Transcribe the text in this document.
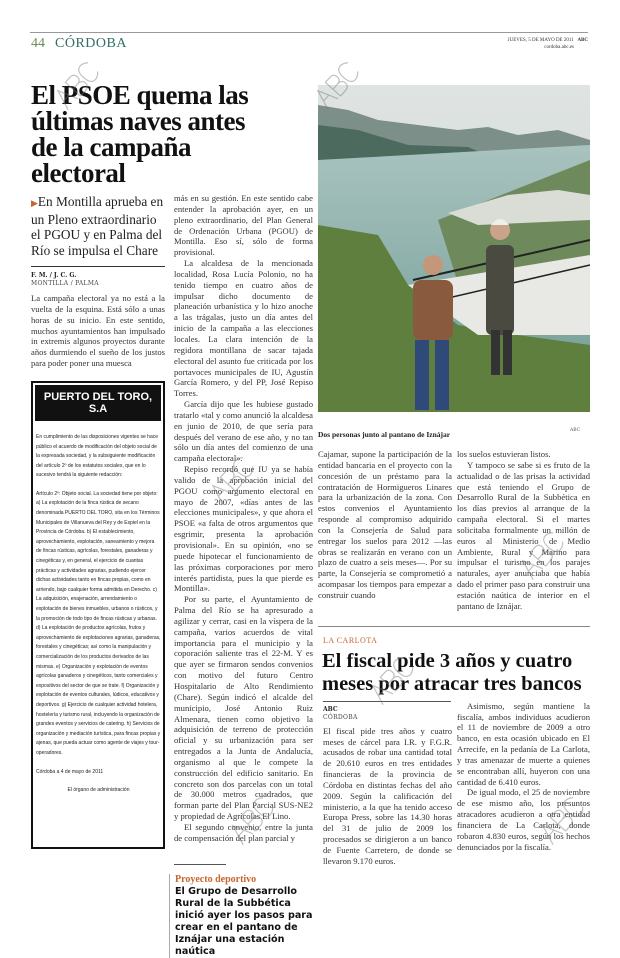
44 CÓRDOBA	JUEVES, 5 DE MAYO DE 2011 ABC
cordoba.abc.es
El PSOE quema las últimas naves antes de la campaña electoral
▶En Montilla aprueba en un Pleno extraordinario el PGOU y en Palma del Río se impulsa el Chare
F. M. / J. C. G.
MONTILLA / PALMA

La campaña electoral ya no está a la vuelta de la esquina. Está sólo a unas horas de su inicio. En este sentido, muchos ayuntamientos han impulsado in extremis algunos proyectos durante años durmiendo el sueño de los justos para poder poner una muesca

PUERTO DEL TORO, S.A

En cumplimiento de las disposiciones vigentes se hace público el acuerdo de modificación del objeto social de la expresada sociedad, y la subsiguiente modificación del artículo 2º de los estatutos sociales, que en lo sucesivo tendrá la siguiente redacción:

Artículo 2º: Objeto social. La sociedad tiene por objeto: a) La explotación de la finca rústica de secano denominada PUERTO DEL TORO, sita en los Términos Municipales de Villanueva del Rey y de Espiel en la Provincia de Córdoba. b) El establecimiento, aprovechamiento, explotación, saneamiento y mejora de fincas rústicas, agrícolas, forestales, ganaderas y cinegéticas y, en general, el ejercicio de cuantas prácticas y actividades agrarias, pudiendo ejercer dichas actividades tanto en fincas propias, como en arriendo, bajo cualquier forma admitida en Derecho. c) La adquisición, enajenación, arrendamiento o explotación de bienes inmuebles, urbanos o rústicos, y la promoción de todo tipo de fincas rústicas y urbanas. d) La explotación de productos agrícolas, frutos y aprovechamiento de explotaciones agrarias, ganaderas, forestales y cinegéticas; así como la manipulación y comercialización de los productos derivados de las mismas. e) Organización y explotación de eventos agrícolas ganaderos y cinegéticos, tanto comerciales y expositivos del sector de que se trate. f) Organización y explotación de eventos culturales, lúdicos, educativos y deportivos. g) Ejercicio de cualquier actividad hotelera, hostelería y turismo rural, incluyendo la organización de grandes eventos y servicios de catering. h) Servicios de organización y mediación turística, para fincas propias y ajenas, que pueda actuar como agente de viajes y tour-operadores.

Córdoba a 4 de mayo de 2011

El órgano de administración

más en su gestión. En este sentido cabe entender la aprobación ayer, en un pleno extraordinario, del Plan General de Ordenación Urbana (PGOU) de Montilla. Eso sí, sólo de forma provisional.

La alcaldesa de la mencionada localidad, Rosa Lucía Polonio, no ha tenido tiempo en cuatro años de impulsar dicho documento de planeación urbanística y lo hizo anoche a las trágalas, justo un día antes del inicio de la campaña a las elecciones locales. La clara intención de la regidora montillana de sacar tajada electoral del asunto fue criticada por los portavoces municipales de IU, Agustín García Romero, y del PP, José Repiso Torres.

García dijo que les hubiese gustado tratarlo «tal y como anunció la alcaldesa en junio de 2010, de que sería para después del verano de ese año, y no tan sólo un día antes del comienzo de una campaña electoral».

Repiso recordó que IU ya se había valido de la aprobación inicial del PGOU como argumento electoral en mayo de 2007, «días antes de las elecciones municipales», y que ahora el PSOE «a falta de otros argumentos que esgrimir, presenta la aprobación provisional». En su opinión, «no se puede hipotecar el funcionamiento de las próximas corporaciones por mero interés partidista, pues la que pierde es Montilla».

Por su parte, el Ayuntamiento de Palma del Río se ha apresurado a agilizar y cerrar, casi en la víspera de la campaña, varios acuerdos de vital importancia para el municipio y la coporación saliente tras el 22-M. Y es que ayer se firmaron sendos convenios con motivo del futuro Centro Hospitalario de Alto Rendimiento (Chare). Según indicó el alcalde del municipio, José Antonio Ruiz Almenara, tienen como objetivo la adquisición de terreno de protección oficial y su urbanización para ser entregados a la Junta de Andalucía, organismo al que le compete la construcción del edificio sanitario. En concreto son dos parcelas con un total de 30.000 metros cuadrados, que forman parte del Plan Parcial SUS-NE2 y propiedad de Agrícolas El Lino.

El segundo convenio, entre la junta de compensación del plan parcial y

Proyecto deportivo
El Grupo de Desarrollo Rural de la Subbética inició ayer los pasos para crear en el pantano de Iznájar una estación naútica
Dos personas junto al pantano de Iznájar	ABC

Cajamar, supone la participación de la entidad bancaria en el proyecto con la concesión de un préstamo para la contratación de Hormigueros Linares para la urbanización de la zona. Con estos convenios el Ayuntamiento responde al compromiso adquirido con la Consejería de Salud para entregar los suelos para 2012 —las obras se realizarán en verano con un plazo de cuatro a seis meses—. Por su parte, la Consejería se comprometió a acompasar los tiempos para empezar a construir cuando

los suelos estuvieran listos.

Y tampoco se sabe si es fruto de la actualidad o de las prisas la actividad que está teniendo el Grupo de Desarrollo Rural de la Subbética en los días previos al arranque de la campaña electoral. Si el martes solicitaba formalmente un millón de euros al Ministerio de Medio Ambiente, Rural y Marino para impulsar el turismo en los parajes naturales, ayer anunciaba que había dado el primer paso para construir una estación naútica de interior en el pantano de Iznájar.

LA CARLOTA
El fiscal pide 3 años y cuatro meses por atracar tres bancos
ABC
CÓRDOBA

El fiscal pide tres años y cuatro meses de cárcel para I.R. y F.G.R. acusados de robar una cantidad total de 20.610 euros en tres entidades financieras de la provincia de Córdoba en distintas fechas del año 2009. Según la calificación del ministerio, a la que ha tenido acceso Europa Press, sobre las 14.30 horas del 31 de julio de 2009 los procesados se dirigieron a un banco de Fuente Carretero, de donde se llevaron 9.170 euros.

Asimismo, según mantiene la fiscalía, ambos individuos acudieron el 11 de noviembre de 2009 a otro banco, en esta ocasión ubicado en El Arrecife, en la pedanía de La Carlota, y tras amenazar de muerte a quienes se encontraban allí, huyeron con una cantidad de 6.410 euros.

De igual modo, el 25 de noviembre de ese mismo año, los presuntos atracadores acudieron a otra entidad financiera de La Carlota, donde robaron 4.830 euros, según los hechos denunciados por la fiscalía.
